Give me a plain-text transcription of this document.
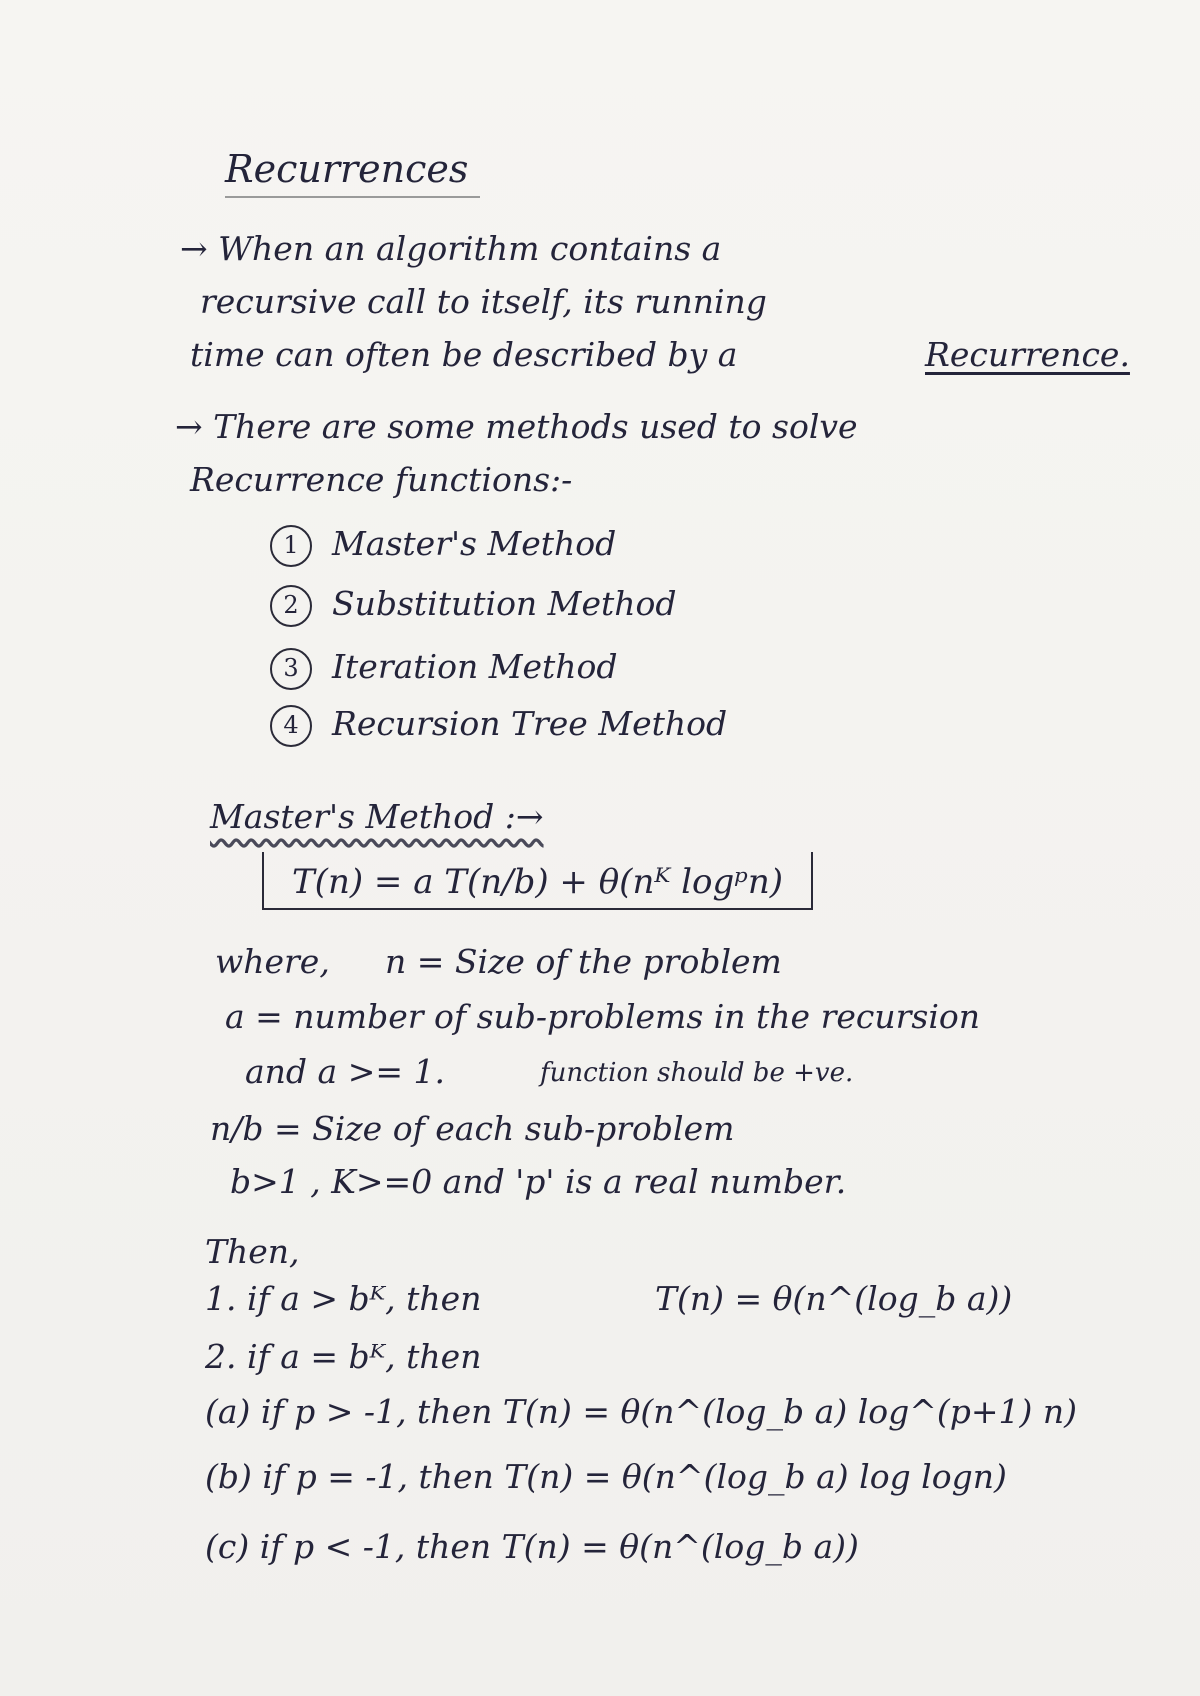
Recurrences
→ When an algorithm contains a
recursive call to itself, its running
time can often be described by a	Recurrence.
→ There are some methods used to solve
Recurrence functions:-
1 Master's Method
2 Substitution Method
3 Iteration Method
4 Recursion Tree Method
Master's Method :→
T(n) = a T(n/b) + θ(nᴷ logᵖn)
where, n = Size of the problem
a = number of sub-problems in the recursion
and a >= 1.	function should be +ve.
n/b = Size of each sub-problem
b>1 , K>=0 and 'p' is a real number.
Then,
1. if a > bᴷ, then	T(n) = θ(n^(log_b a))
2. if a = bᴷ, then
(a) if p > -1, then T(n) = θ(n^(log_b a) log^(p+1) n)
(b) if p = -1, then T(n) = θ(n^(log_b a) log logn)
(c) if p < -1, then T(n) = θ(n^(log_b a))
